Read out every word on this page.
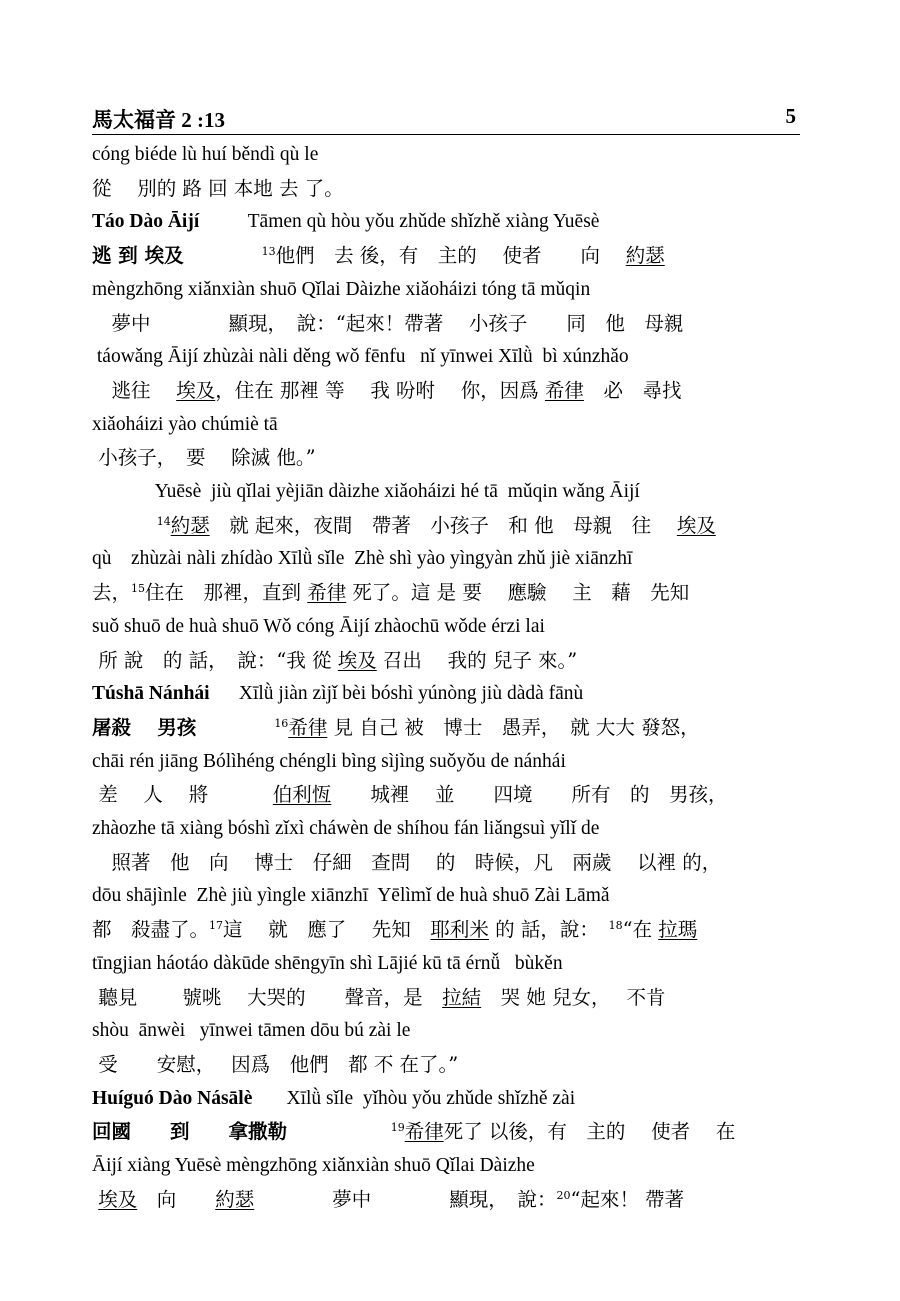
馬太福音 2 :13	5
cóng biéde lù huí běndì qù le
從　 別的 路 回 本地 去 了。
Táo Dào Āijí          Tāmen qù hòu yǒu zhǔde shǐzhě xiàng Yuēsè
逃 到 埃及　　　　	$^{13}$他們　去 後，有　主的　 使者　　向　 約瑟
mèngzhōng xiǎnxiàn shuō Qǐlai Dàizhe xiǎoháizi tóng tā mǔqin
　夢中　　　　顯現，　說：“起來！帶著　 小孩子　　同　他　母親
táowǎng Āijí zhùzài nàli děng wǒ fēnfu   nǐ yīnwei Xīlǜ  bì xúnzhǎo
　逃往　 埃及，住在 那裡 等　 我 吩咐　 你，因爲 希律　必　尋找
xiǎoháizi yào chúmiè tā
小孩子，　要　 除滅 他。”
Yuēsè  jiù qǐlai yèjiān dàizhe xiǎoháizi hé tā  mǔqin wǎng Āijí
　　　 $^{14}$約瑟　就 起來，夜間　帶著　小孩子　和 他　母親　往　 埃及
qù    zhùzài nàli zhídào Xīlǜ sǐle  Zhè shì yào yìngyàn zhǔ jiè xiānzhī
去，$^{15}$住在　那裡，直到 希律 死了。這 是 要　 應驗　 主　藉　先知
suǒ shuō de huà shuō Wǒ cóng Āijí zhàochū wǒde érzi lai
所 說　的 話，　說：“我 從 埃及 召出　 我的 兒子 來。”
Túshā Nánhái      Xīlǜ jiàn zìjǐ bèi bóshì yúnòng jiù dàdà fānù
屠殺　 男孩　　　　	$^{16}$希律 見 自己 被　博士　愚弄，　就 大大 發怒，
chāi rén jiāng Bólìhéng chéngli bìng sìjìng suǒyǒu de nánhái
差　 人　 將　　　 伯利恆　　城裡　 並　　四境　　所有　的　男孩，
zhàozhe tā xiàng bóshì zǐxì cháwèn de shíhou fán liǎngsuì yǐlǐ de
　照著　他　向　 博士　仔細　查問　 的　時候，凡　兩歲　 以裡 的，
dōu shājìnle  Zhè jiù yìngle xiānzhī  Yēlìmǐ de huà shuō Zài Lāmǎ
都　殺盡了。$^{17}$這　 就　應了　 先知　耶利米 的 話，說：　$^{18}$“在 拉瑪
tīngjian háotáo dàkūde shēngyīn shì Lājié kū tā érnǚ   bùkěn
聽見　　 號咷　 大哭的　　聲音，是　拉結　哭 她 兒女，　 不肯
shòu  ānwèi   yīnwei tāmen dōu bú zài le
受　　安慰，　 因爲　他們　都 不 在了。”
Huíguó Dào Násālè       Xīlǜ sǐle  yǐhòu yǒu zhǔde shǐzhě zài
回國　　到　　拿撒勒　　　　　	$^{19}$希律死了 以後，有　主的　 使者　 在
Āijí xiàng Yuēsè mèngzhōng xiǎnxiàn shuō Qǐlai Dàizhe
埃及　向　　約瑟　　　　夢中　　　　顯現，　說：$^{20}$“起來！ 帶著
